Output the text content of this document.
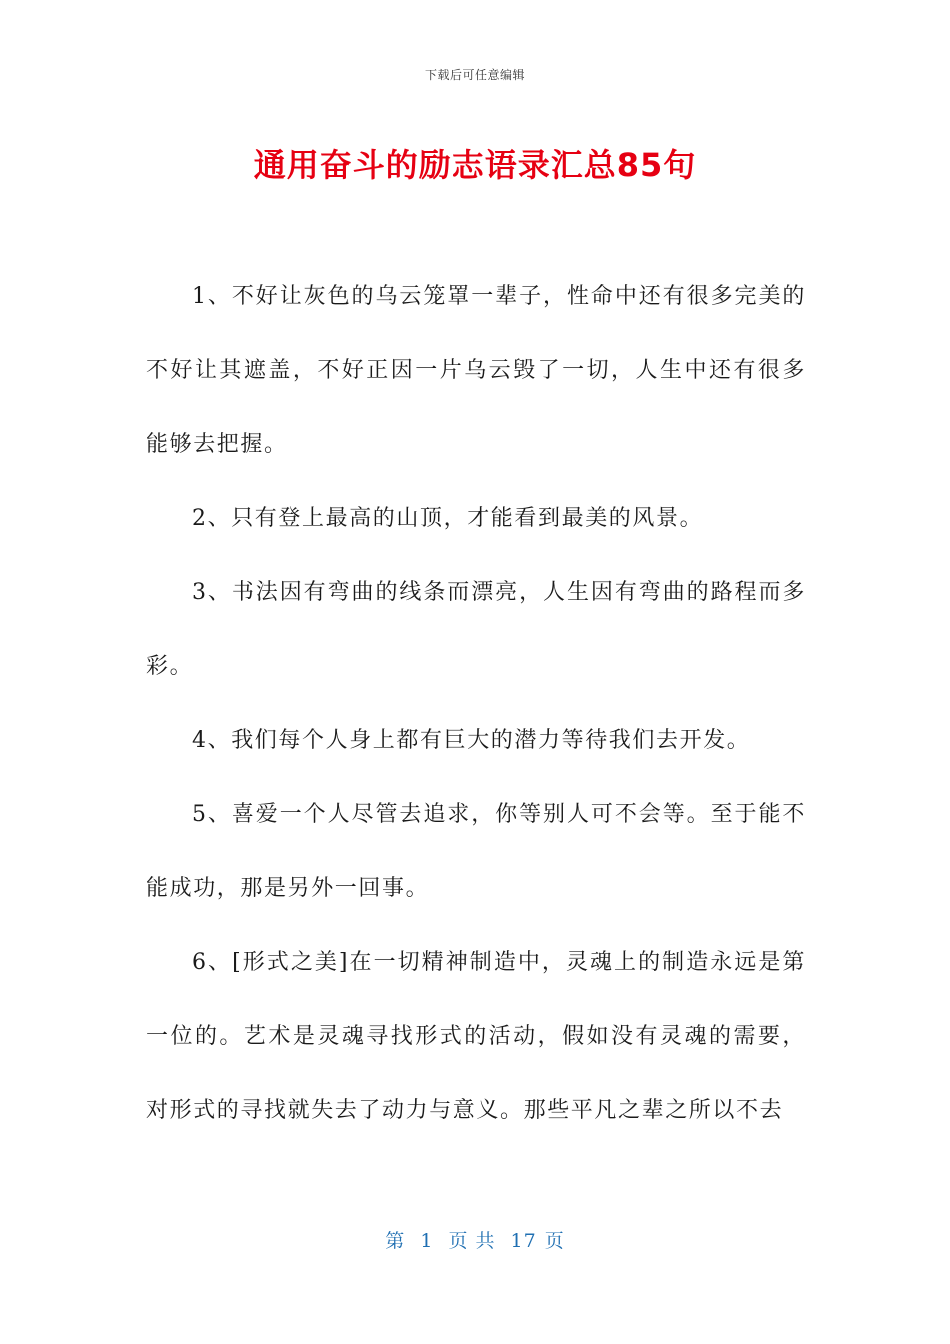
下载后可任意编辑
通用奋斗的励志语录汇总85句

1、不好让灰色的乌云笼罩一辈子，性命中还有很多完美的不好让其遮盖，不好正因一片乌云毁了一切，人生中还有很多能够去把握。

2、只有登上最高的山顶，才能看到最美的风景。

3、书法因有弯曲的线条而漂亮，人生因有弯曲的路程而多彩。

4、我们每个人身上都有巨大的潜力等待我们去开发。

5、喜爱一个人尽管去追求，你等别人可不会等。至于能不能成功，那是另外一回事。

6、[形式之美]在一切精神制造中，灵魂上的制造永远是第一位的。艺术是灵魂寻找形式的活动，假如没有灵魂的需要，对形式的寻找就失去了动力与意义。那些平凡之辈之所以不去

第 1 页 共 17 页
